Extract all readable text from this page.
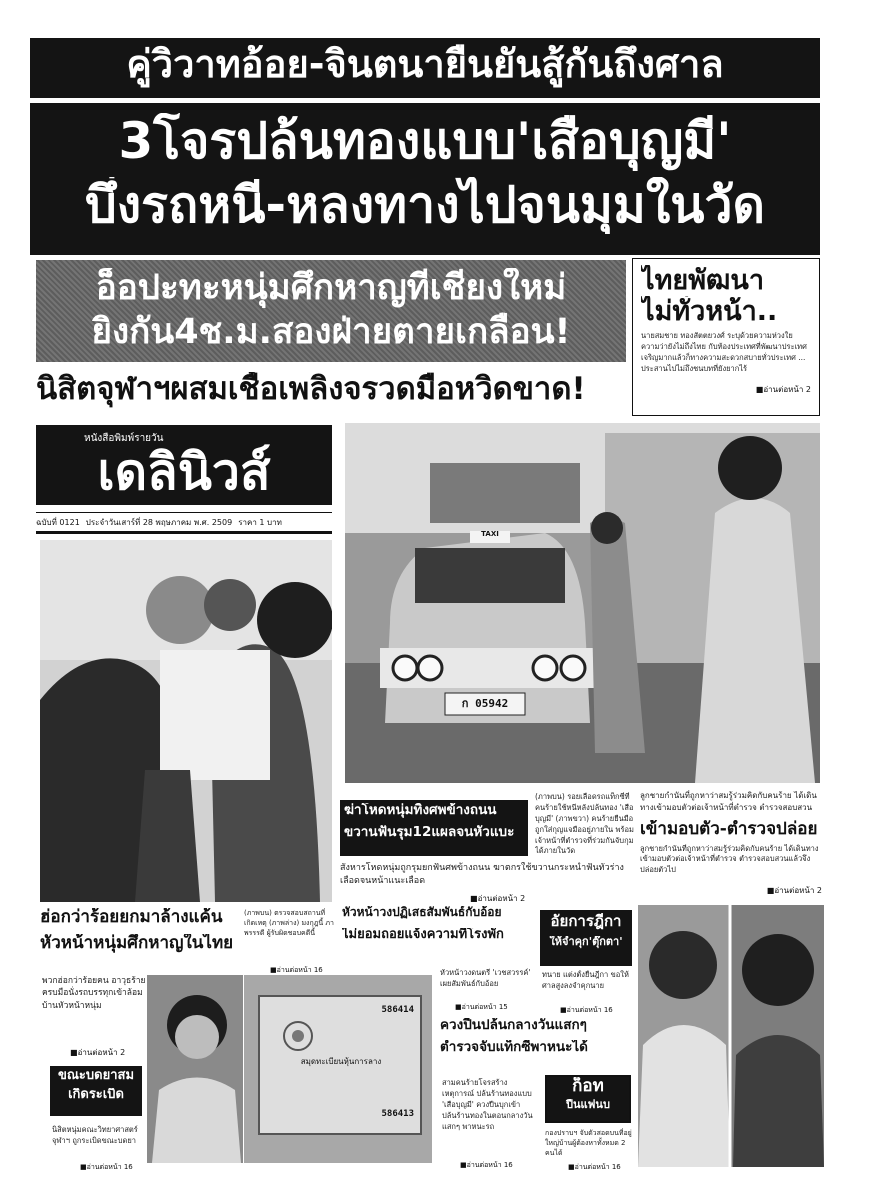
คู่วิวาทอ้อย-จินตนายืนยันสู้กันถึงศาล
3โจรปล้นทองแบบ'เสือบุญมี'
บึ่งรถหนี-หลงทางไปจนมุมในวัด
อ็อปะทะหนุ่มศึกหาญที่เชียงใหม่
ยิงกัน4ช.ม.สองฝ่ายตายเกลื่อน!
ไทยพัฒนา
ไม่ทั่วหน้า..
นายสมชาย ทองสัตตยวงศ์ ระบุด้วยความห่วงใย ความว่ายังไม่ถึงไทย กับท้องประเทศที่พัฒนาประเทศ เจริญมากแล้วก็ทางความสะดวกสบายทั่วประเทศ ... ประสานไปไม่ถึงชนบทที่ยังยากไร้
■ อ่านต่อหน้า 2
นิสิตจุฬาฯผสมเชื้อเพลิงจรวดมือหวิดขาด!
หนังสือพิมพ์รายวัน
เดลินิวส์
ฉบับที่ 0121 ประจำวันเสาร์ที่ 28 พฤษภาคม พ.ศ. 2509 ราคา 1 บาท
TAXI
ก 05942
ฆ่าโหดหนุ่มทิ้งศพข้างถนน
ขวานฟันรุม12แผลจนหัวแบะ
สังหารโหดหนุ่มถูกรุมยกฟันศพข้างถนน ฆาตกรใช้ขวานกระหน่ำฟันทั่วร่างเลือดจนหน้าแนะเลือด
■ อ่านต่อหน้า 2
(ภาพบน) รอยเลือดรถแท็กซี่ที่คนร้ายใช้หนีหลังปล้นทอง 'เสือบุญมี' (ภาพขวา) คนร้ายยืนมือถูกใส่กุญแจมืออยู่ภายใน พร้อมเจ้าหน้าที่ตำรวจที่ร่วมกันจับกุมได้ภายในวัด
ลูกชายกำนันที่ถูกหาว่าสมรู้ร่วมคิดกับคนร้าย ได้เดินทางเข้ามอบตัวต่อเจ้าหน้าที่ตำรวจ ตำรวจสอบสวน
เข้ามอบตัว-ตำรวจปล่อย
ลูกชายกำนันที่ถูกหาว่าสมรู้ร่วมคิดกับคนร้าย ได้เดินทางเข้ามอบตัวต่อเจ้าหน้าที่ตำรวจ ตำรวจสอบสวนแล้วจึงปล่อยตัวไป
■ อ่านต่อหน้า 2
ฮ่อกว่าร้อยยกมาล้างแค้น
หัวหน้าหนุ่มศึกหาญในไทย
พวกฮ่อกว่าร้อยคน อาวุธร้ายครบมือนั่งรถบรรทุกเข้าล้อมบ้านหัวหน้าหนุ่ม
■ อ่านต่อหน้า 2
(ภาพบน) ตรวจสอบสถานที่เกิดเหตุ (ภาพล่าง) มงกุฎนี้ ภาพรรรดี ผู้รับผิดชอบคดีนี้
■ อ่านต่อหน้า 16
หัวหน้าวงปฏิเสธสัมพันธ์กับอ้อย
ไม่ยอมถอยแจ้งความที่โรงพัก
หัวหน้าวงดนตรี 'เวชสวรรค์' เผยสัมพันธ์กับอ้อย
■ อ่านต่อหน้า 15
อัยการฎีกา
ให้จำคุก'ตุ๊กตา'
ทนาย แต่งตั้งยื่นฎีกา ขอให้ศาลสูงลงจำคุกนาย
■ อ่านต่อหน้า 16
586414
สมุดทะเบียนหุ้นการลาง
586413
ขณะบดยาสม
เกิดระเบิด
นิสิตหนุ่มคณะวิทยาศาสตร์ จุฬาฯ ถูกระเบิดขณะบดยา
■ อ่านต่อหน้า 16
ควงปืนปล้นกลางวันแสกๆ
ตำรวจจับแท็กซี่พาหนะได้
สามคนร้ายโจรสร้างเหตุการณ์ ปล้นร้านทองแบบ 'เสือบุญมี' ควงปืนบุกเข้าปล้นร้านทองในตอนกลางวันแสกๆ พาหนะรถ
■ อ่านต่อหน้า 16
ก็อท
ปืนแฟนบ
กองปราบฯ จับตัวสอดบนที่อยู่ใหญ่บ้านผู้ต้องหาทั้งหมด 2 คนได้
■ อ่านต่อหน้า 16
